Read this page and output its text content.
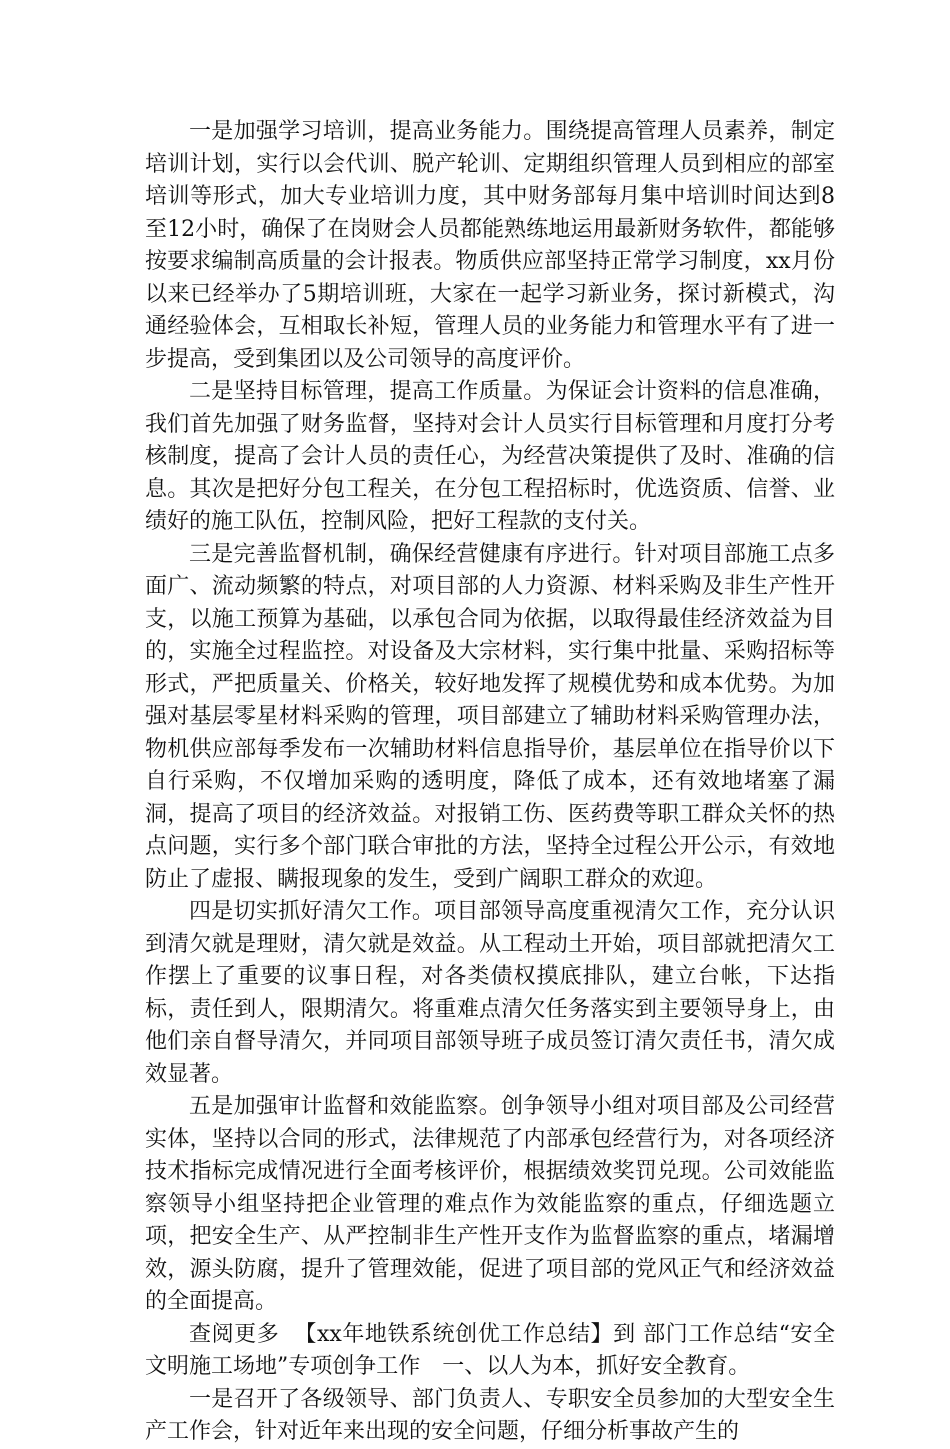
一是加强学习培训，提高业务能力。围绕提高管理人员素养，制定培训计划，实行以会代训、脱产轮训、定期组织管理人员到相应的部室培训等形式，加大专业培训力度，其中财务部每月集中培训时间达到8至12小时，确保了在岗财会人员都能熟练地运用最新财务软件，都能够按要求编制高质量的会计报表。物质供应部坚持正常学习制度，xx月份以来已经举办了5期培训班，大家在一起学习新业务，探讨新模式，沟通经验体会，互相取长补短，管理人员的业务能力和管理水平有了进一步提高，受到集团以及公司领导的高度评价。

二是坚持目标管理，提高工作质量。为保证会计资料的信息准确，我们首先加强了财务监督，坚持对会计人员实行目标管理和月度打分考核制度，提高了会计人员的责任心，为经营决策提供了及时、准确的信息。其次是把好分包工程关，在分包工程招标时，优选资质、信誉、业绩好的施工队伍，控制风险，把好工程款的支付关。

三是完善监督机制，确保经营健康有序进行。针对项目部施工点多面广、流动频繁的特点，对项目部的人力资源、材料采购及非生产性开支，以施工预算为基础，以承包合同为依据，以取得最佳经济效益为目的，实施全过程监控。对设备及大宗材料，实行集中批量、采购招标等形式，严把质量关、价格关，较好地发挥了规模优势和成本优势。为加强对基层零星材料采购的管理，项目部建立了辅助材料采购管理办法，物机供应部每季发布一次辅助材料信息指导价，基层单位在指导价以下自行采购，不仅增加采购的透明度，降低了成本，还有效地堵塞了漏洞，提高了项目的经济效益。对报销工伤、医药费等职工群众关怀的热点问题，实行多个部门联合审批的方法，坚持全过程公开公示，有效地防止了虚报、瞒报现象的发生，受到广阔职工群众的欢迎。

四是切实抓好清欠工作。项目部领导高度重视清欠工作，充分认识到清欠就是理财，清欠就是效益。从工程动土开始，项目部就把清欠工作摆上了重要的议事日程，对各类债权摸底排队，建立台帐，下达指标，责任到人，限期清欠。将重难点清欠任务落实到主要领导身上，由他们亲自督导清欠，并同项目部领导班子成员签订清欠责任书，清欠成效显著。

五是加强审计监督和效能监察。创争领导小组对项目部及公司经营实体，坚持以合同的形式，法律规范了内部承包经营行为，对各项经济技术指标完成情况进行全面考核评价，根据绩效奖罚兑现。公司效能监察领导小组坚持把企业管理的难点作为效能监察的重点，仔细选题立项，把安全生产、从严控制非生产性开支作为监督监察的重点，堵漏增效，源头防腐，提升了管理效能，促进了项目部的党风正气和经济效益的全面提高。

查阅更多 【xx年地铁系统创优工作总结】到 部门工作总结“安全文明施工场地”专项创争工作　一、以人为本，抓好安全教育。

一是召开了各级领导、部门负责人、专职安全员参加的大型安全生产工作会，针对近年来出现的安全问题，仔细分析事故产生的
